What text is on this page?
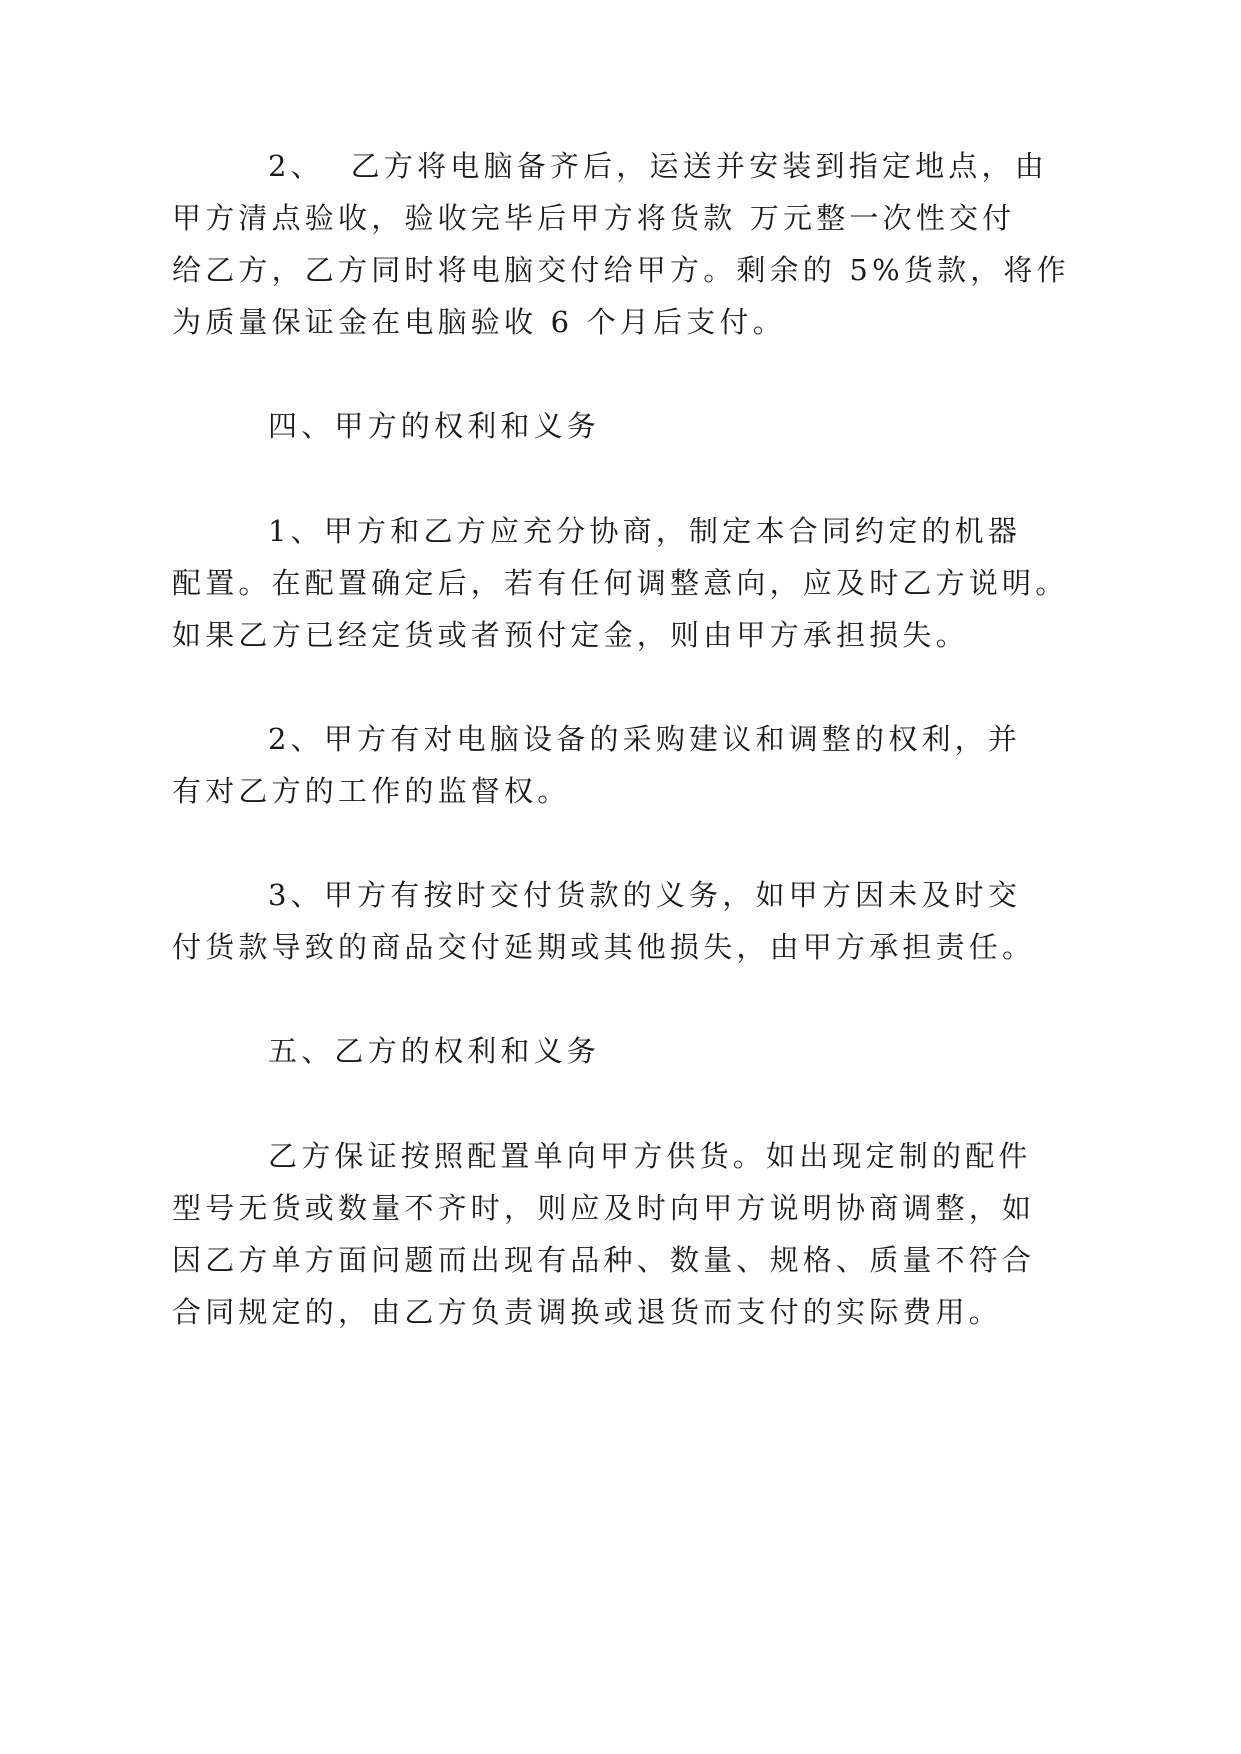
2、  乙方将电脑备齐后，运送并安装到指定地点，由
甲方清点验收，验收完毕后甲方将货款 万元整一次性交付
给乙方，乙方同时将电脑交付给甲方。剩余的 5%货款，将作
为质量保证金在电脑验收 6 个月后支付。
四、甲方的权利和义务
1、甲方和乙方应充分协商，制定本合同约定的机器
配置。在配置确定后，若有任何调整意向，应及时乙方说明。
如果乙方已经定货或者预付定金，则由甲方承担损失。
2、甲方有对电脑设备的采购建议和调整的权利，并
有对乙方的工作的监督权。
3、甲方有按时交付货款的义务，如甲方因未及时交
付货款导致的商品交付延期或其他损失，由甲方承担责任。
五、乙方的权利和义务
乙方保证按照配置单向甲方供货。如出现定制的配件
型号无货或数量不齐时，则应及时向甲方说明协商调整，如
因乙方单方面问题而出现有品种、数量、规格、质量不符合
合同规定的，由乙方负责调换或退货而支付的实际费用。
